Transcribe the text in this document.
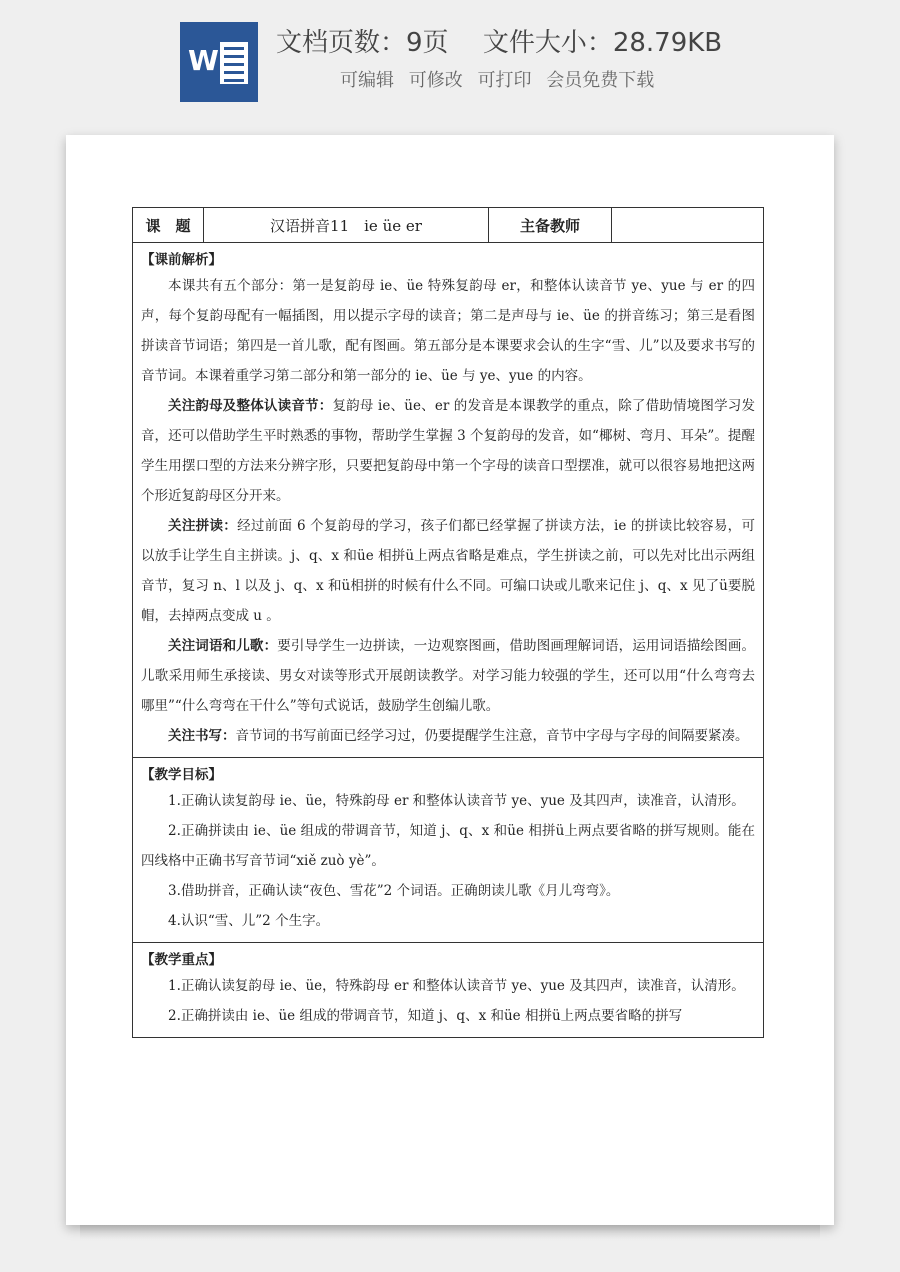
W
文档页数：9页 文件大小：28.79KB
可编辑 可修改 可打印 会员免费下载
课　题	汉语拼音11　ie üe er	主备教师	

【课前解析】

本课共有五个部分：第一是复韵母 ie、üe 特殊复韵母 er，和整体认读音节 ye、yue 与 er 的四声，每个复韵母配有一幅插图，用以提示字母的读音；第二是声母与 ie、üe 的拼音练习；第三是看图拼读音节词语；第四是一首儿歌，配有图画。第五部分是本课要求会认的生字“雪、儿”以及要求书写的音节词。本课着重学习第二部分和第一部分的 ie、üe 与 ye、yue 的内容。

关注韵母及整体认读音节：复韵母 ie、üe、er 的发音是本课教学的重点，除了借助情境图学习发音，还可以借助学生平时熟悉的事物，帮助学生掌握 3 个复韵母的发音，如“椰树、弯月、耳朵”。提醒学生用摆口型的方法来分辨字形，只要把复韵母中第一个字母的读音口型摆准，就可以很容易地把这两个形近复韵母区分开来。

关注拼读：经过前面 6 个复韵母的学习，孩子们都已经掌握了拼读方法，ie 的拼读比较容易，可以放手让学生自主拼读。j、q、x 和üe 相拼ü上两点省略是难点，学生拼读之前，可以先对比出示两组音节，复习 n、l 以及 j、q、x 和ü相拼的时候有什么不同。可编口诀或儿歌来记住 j、q、x 见了ü要脱帽，去掉两点变成 u 。

关注词语和儿歌：要引导学生一边拼读，一边观察图画，借助图画理解词语，运用词语描绘图画。儿歌采用师生承接读、男女对读等形式开展朗读教学。对学习能力较强的学生，还可以用“什么弯弯去哪里”“什么弯弯在干什么”等句式说话，鼓励学生创编儿歌。

关注书写：音节词的书写前面已经学习过，仍要提醒学生注意，音节中字母与字母的间隔要紧凑。

【教学目标】

1.正确认读复韵母 ie、üe，特殊韵母 er 和整体认读音节 ye、yue 及其四声，读准音，认清形。

2.正确拼读由 ie、üe 组成的带调音节，知道 j、q、x 和üe 相拼ü上两点要省略的拼写规则。能在四线格中正确书写音节词“xiě zuò yè”。

3.借助拼音，正确认读“夜色、雪花”2 个词语。正确朗读儿歌《月儿弯弯》。

4.认识“雪、儿”2 个生字。

【教学重点】

1.正确认读复韵母 ie、üe，特殊韵母 er 和整体认读音节 ye、yue 及其四声，读准音，认清形。

2.正确拼读由 ie、üe 组成的带调音节，知道 j、q、x 和üe 相拼ü上两点要省略的拼写
